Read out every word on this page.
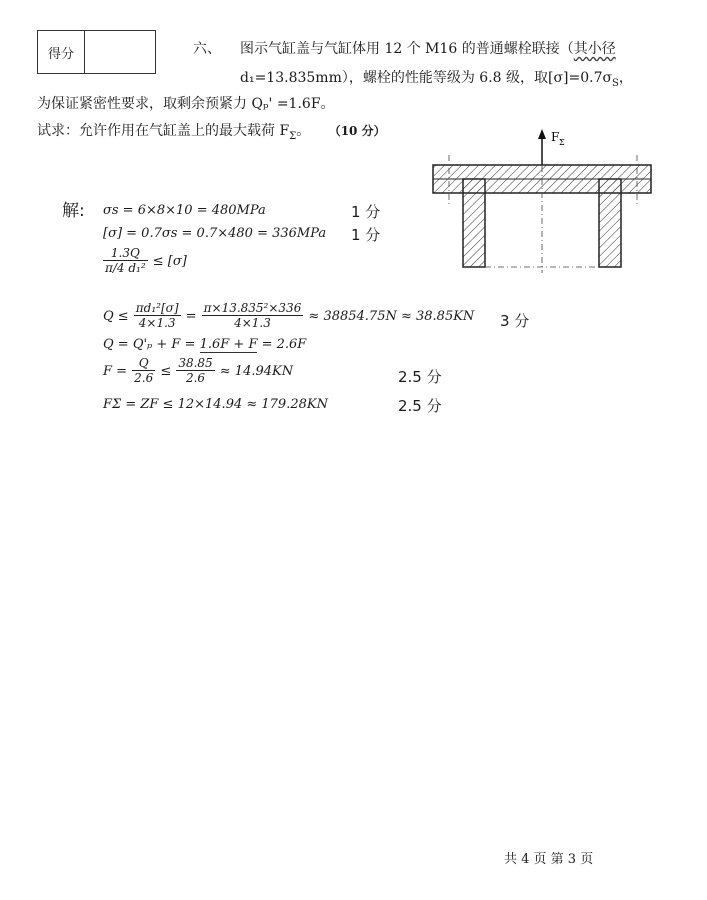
得分	六、 图示气缸盖与气缸体用 12 个 M16 的普通螺栓联接（其小径
d₁=13.835mm），螺栓的性能等级为 6.8 级，取$[\sigma]=0.7\sigma_S$，
为保证紧密性要求，取剩余预紧力 Qₚ' =1.6F。
试求：允许作用在气缸盖上的最大载荷 $F_\Sigma$。 （10 分）	F Σ
解: σs = 6×8×10 = 480MPa	1 分
[σ] = 0.7σs = 0.7×480 = 336MPa 1 分
$\frac{1.3Q}{\text{π/4 d₁²}} \le [\sigma]$
$Q \le \frac{\text{πd₁²[σ]}}{4\times 1.3} = \frac{\text{π×13.835²×336}}{4\times 1.3} \approx 38854.75N \approx 38.85KN$ 3 分
Q = Q'ₚ + F = 1.6F + F = 2.6F
$F = \frac{Q}{2.6} \le \frac{38.85}{2.6} \approx 14.94KN$	2.5 分
FΣ = ZF ≤ 12×14.94 ≈ 179.28KN	2.5 分
共 4 页 第 3 页
